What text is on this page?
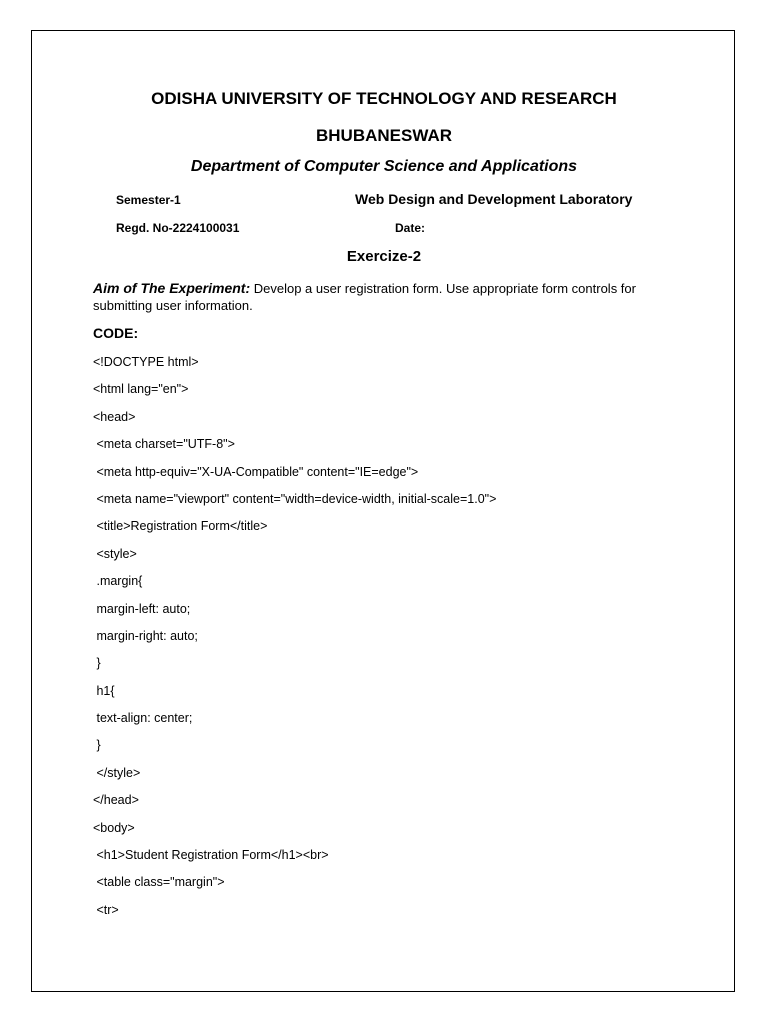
ODISHA UNIVERSITY OF TECHNOLOGY AND RESEARCH
BHUBANESWAR
Department of Computer Science and Applications
Semester-1	Web Design and Development Laboratory
Regd. No-2224100031	Date:
Exercize-2
Aim of The Experiment: Develop a user registration form. Use appropriate form controls for submitting user information.
CODE:
<!DOCTYPE html>
<html lang="en">
<head>
<meta charset="UTF-8">
<meta http-equiv="X-UA-Compatible" content="IE=edge">
<meta name="viewport" content="width=device-width, initial-scale=1.0">
<title>Registration Form</title>
<style>
.margin{
margin-left: auto;
margin-right: auto;
}
h1{
text-align: center;
}
</style>
</head>
<body>
<h1>Student Registration Form</h1><br>
<table class="margin">
<tr>
